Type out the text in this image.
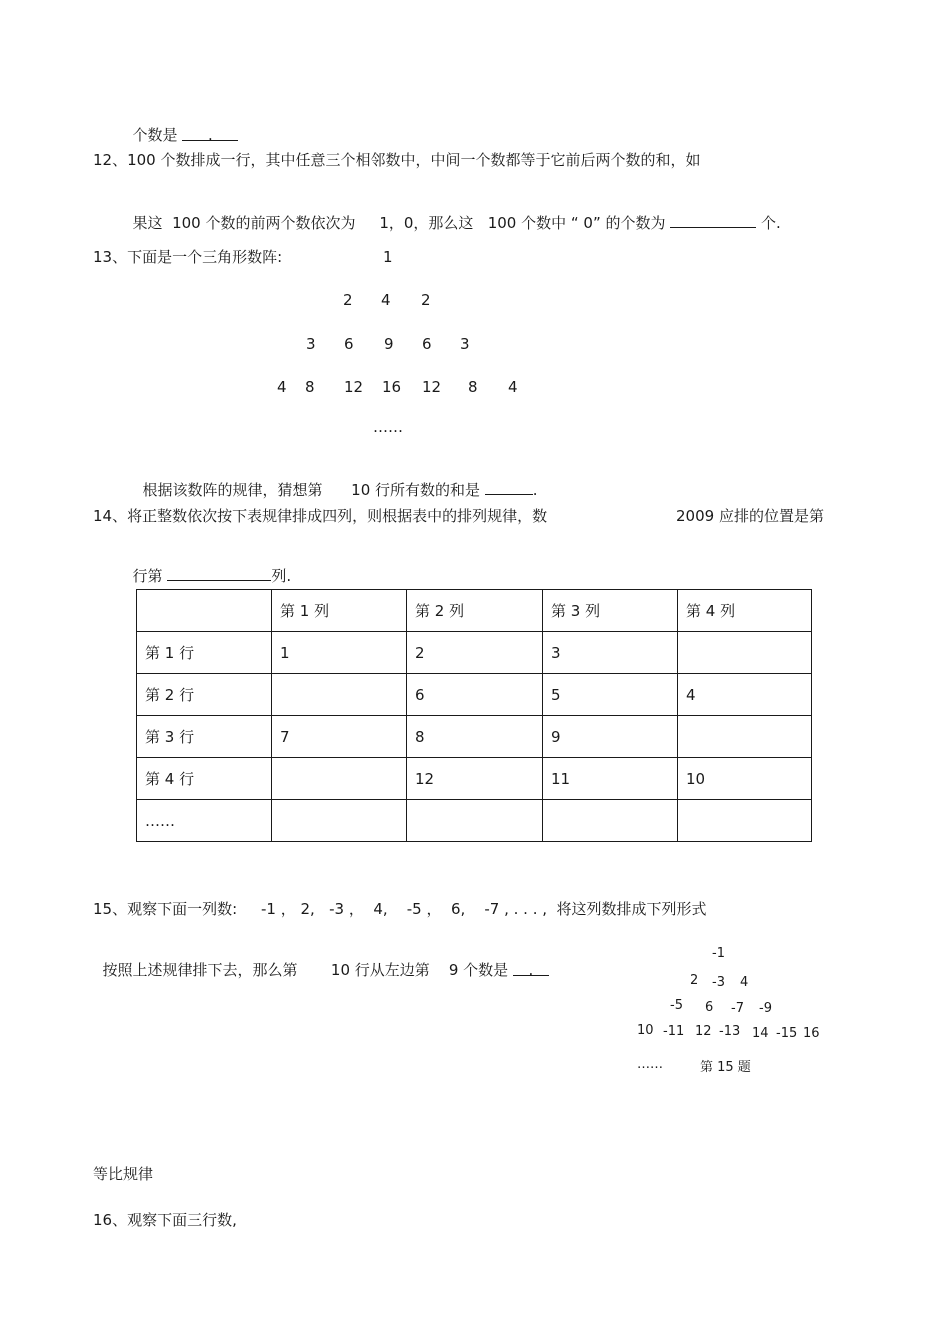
个数是   .

12、100 个数排成一行，其中任意三个相邻数中，中间一个数都等于它前后两个数的和，如

果这  100 个数的前两个数依次为     1，0，那么这   100 个数中 “ 0” 的个数为	个.

13、下面是一个三角形数阵:	1
2 4 2
3 6 9 6 3
4 8 12 16 12 8 4
……

根据该数阵的规律，猜想第      10 行所有数的和是	.

14、将正整数依次按下表规律排成四列，则根据表中的排列规律，数	2009 应排的位置是第

行第	列.

	第 1 列	第 2 列	第 3 列	第 4 列
第 1 行	1	2	3	
第 2 行		6	5	4
第 3 行	7	8	9	
第 4 行		12	11	10
……				
15、观察下面一列数:     -1 ， 2,   -3 ，  4,    -5 ，  6,    -7 , . . . ,  将这列数排成下列形式

按照上述规律排下去，那么第       10 行从左边第    9 个数是   .

-1
2 -3 4
-5 6 -7 -9
10 -11 12 -13 14 -15 16
……	第 15 题
等比规律
16、观察下面三行数,
